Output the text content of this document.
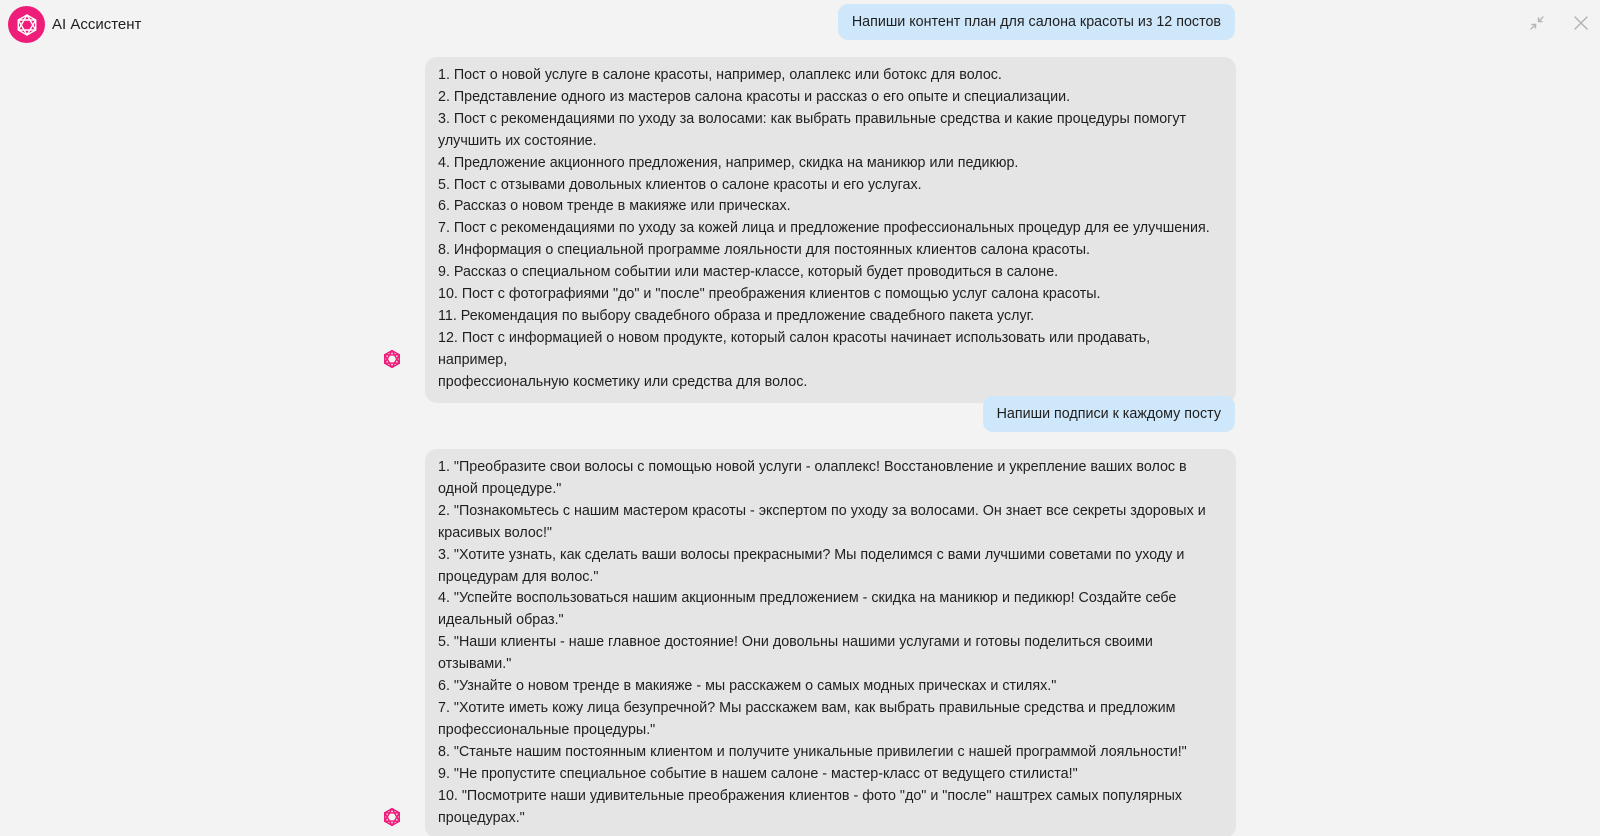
AI Ассистент	Напиши контент план для салона красоты из 12 постов
1. Пост о новой услуге в салоне красоты, например, олаплекс или ботокс для волос.
2. Представление одного из мастеров салона красоты и рассказ о его опыте и специализации.
3. Пост с рекомендациями по уходу за волосами: как выбрать правильные средства и какие процедуры помогут
улучшить их состояние.
4. Предложение акционного предложения, например, скидка на маникюр или педикюр.
5. Пост с отзывами довольных клиентов о салоне красоты и его услугах.
6. Рассказ о новом тренде в макияже или прическах.
7. Пост с рекомендациями по уходу за кожей лица и предложение профессиональных процедур для ее улучшения.
8. Информация о специальной программе лояльности для постоянных клиентов салона красоты.
9. Рассказ о специальном событии или мастер-классе, который будет проводиться в салоне.
10. Пост с фотографиями "до" и "после" преображения клиентов с помощью услуг салона красоты.
11. Рекомендация по выбору свадебного образа и предложение свадебного пакета услуг.
12. Пост с информацией о новом продукте, который салон красоты начинает использовать или продавать, например,
профессиональную косметику или средства для волос.
Напиши подписи к каждому посту
1. "Преобразите свои волосы с помощью новой услуги - олаплекс! Восстановление и укрепление ваших волос в
одной процедуре."
2. "Познакомьтесь с нашим мастером красоты - экспертом по уходу за волосами. Он знает все секреты здоровых и
красивых волос!"
3. "Хотите узнать, как сделать ваши волосы прекрасными? Мы поделимся с вами лучшими советами по уходу и
процедурам для волос."
4. "Успейте воспользоваться нашим акционным предложением - скидка на маникюр и педикюр! Создайте себе
идеальный образ."
5. "Наши клиенты - наше главное достояние! Они довольны нашими услугами и готовы поделиться своими
отзывами."
6. "Узнайте о новом тренде в макияже - мы расскажем о самых модных прическах и стилях."
7. "Хотите иметь кожу лица безупречной? Мы расскажем вам, как выбрать правильные средства и предложим
профессиональные процедуры."
8. "Станьте нашим постоянным клиентом и получите уникальные привилегии с нашей программой лояльности!"
9. "Не пропустите специальное событие в нашем салоне - мастер-класс от ведущего стилиста!"
10. "Посмотрите наши удивительные преображения клиентов - фото "до" и "после" наштрех самых популярных
процедурах."
